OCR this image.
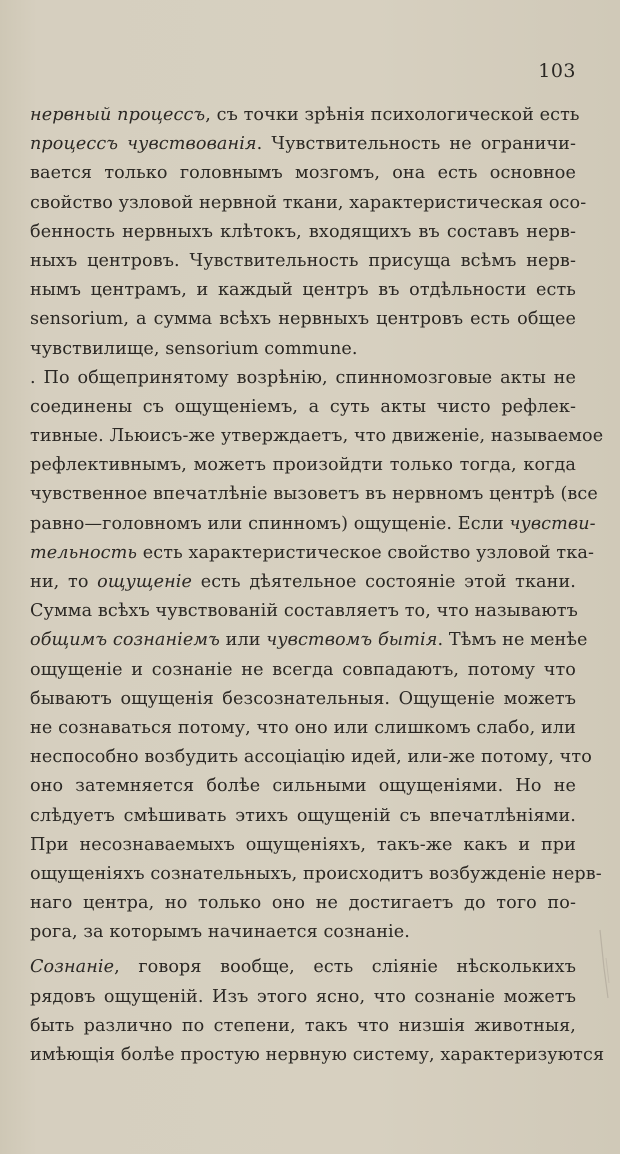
103
нервный процессъ, съ точки зрѣнія психологической есть
процессъ чувствованія. Чувствительность не ограничи-
вается только головнымъ мозгомъ, она есть основное
свойство узловой нервной ткани, характеристическая осо-
бенность нервныхъ клѣтокъ, входящихъ въ составъ нерв-
ныхъ центровъ. Чувствительность присуща всѣмъ нерв-
нымъ центрамъ, и каждый центръ въ отдѣльности есть
sensorium, а сумма всѣхъ нервныхъ центровъ есть общее
чувствилище, sensorium commune.
. По общепринятому возрѣнію, спинномозговые акты не
соединены съ ощущеніемъ, а суть акты чисто рефлек-
тивные. Льюисъ-же утверждаетъ, что движеніе, называемое
рефлективнымъ, можетъ произойдти только тогда, когда
чувственное впечатлѣніе вызоветъ въ нервномъ центрѣ (все
равно—головномъ или спинномъ) ощущеніе. Если чувстви-
тельность есть характеристическое свойство узловой тка-
ни, то ощущеніе есть дѣятельное состояніе этой ткани.
Сумма всѣхъ чувствованій составляетъ то, что называютъ
общимъ сознаніемъ или чувствомъ бытія. Тѣмъ не менѣе
ощущеніе и сознаніе не всегда совпадаютъ, потому что
бываютъ ощущенія безсознательныя. Ощущеніе можетъ
не сознаваться потому, что оно или слишкомъ слабо, или
неспособно возбудить ассоціацію идей, или-же потому, что
оно затемняется болѣе сильными ощущеніями. Но не
слѣдуетъ смѣшивать этихъ ощущеній съ впечатлѣніями.
При несознаваемыхъ ощущеніяхъ, такъ-же какъ и при
ощущеніяхъ сознательныхъ, происходитъ возбужденіе нерв-
наго центра, но только оно не достигаетъ до того по-
рога, за которымъ начинается сознаніе.
Сознаніе, говоря вообще, есть сліяніе нѣсколькихъ
рядовъ ощущеній. Изъ этого ясно, что сознаніе можетъ
быть различно по степени, такъ что низшія животныя,
имѣющія болѣе простую нервную систему, характеризуются
